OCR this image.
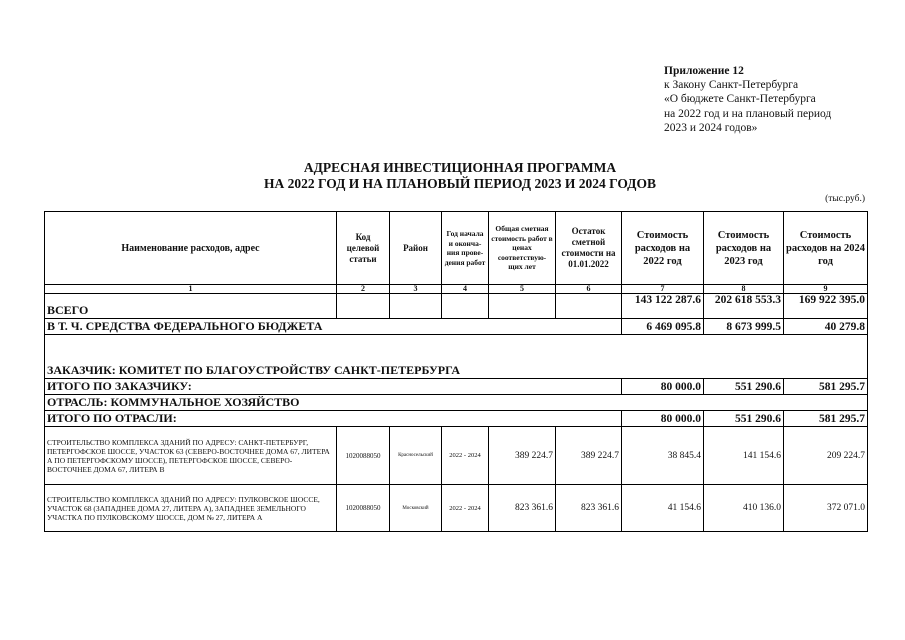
Приложение 12
к Закону Санкт-Петербурга
«О бюджете Санкт-Петербурга
на 2022 год и на плановый период
2023 и 2024 годов»
АДРЕСНАЯ ИНВЕСТИЦИОННАЯ ПРОГРАММА
НА 2022 ГОД И НА ПЛАНОВЫЙ ПЕРИОД 2023 И 2024 ГОДОВ
(тыс.руб.)
Наименование расходов, адрес	Код целевой статьи	Район	Год начала и оконча-ния прове-дения работ	Общая сметная стоимость работ в ценах соответствую-щих лет	Остаток сметной стоимости на 01.01.2022	Стоимость расходов на 2022 год	Стоимость расходов на 2023 год	Стоимость расходов на 2024 год
1	2	3	4	5	6	7	8	9
ВСЕГО						143 122 287.6	202 618 553.3	169 922 395.0
В Т. Ч. СРЕДСТВА ФЕДЕРАЛЬНОГО БЮДЖЕТА						6 469 095.8	8 673 999.5	40 279.8
ЗАКАЗЧИК: КОМИТЕТ ПО БЛАГОУСТРОЙСТВУ САНКТ-ПЕТЕРБУРГА								
ИТОГО ПО ЗАКАЗЧИКУ:						80 000.0	551 290.6	581 295.7
ОТРАСЛЬ: КОММУНАЛЬНОЕ ХОЗЯЙСТВО								
ИТОГО ПО ОТРАСЛИ:						80 000.0	551 290.6	581 295.7
СТРОИТЕЛЬСТВО КОМПЛЕКСА ЗДАНИЙ ПО АДРЕСУ: САНКТ-ПЕТЕРБУРГ, ПЕТЕРГОФСКОЕ ШОССЕ, УЧАСТОК 63 (СЕВЕРО-ВОСТОЧНЕЕ ДОМА 67, ЛИТЕРА А ПО ПЕТЕРГОФСКОМУ ШОССЕ), ПЕТЕРГОФСКОЕ ШОССЕ, СЕВЕРО-ВОСТОЧНЕЕ ДОМА 67, ЛИТЕРА В	1020088050	Красносельский	2022 - 2024	389 224.7	389 224.7	38 845.4	141 154.6	209 224.7
СТРОИТЕЛЬСТВО КОМПЛЕКСА ЗДАНИЙ ПО АДРЕСУ: ПУЛКОВСКОЕ ШОССЕ, УЧАСТОК 68 (ЗАПАДНЕЕ ДОМА 27, ЛИТЕРА А), ЗАПАДНЕЕ ЗЕМЕЛЬНОГО УЧАСТКА ПО ПУЛКОВСКОМУ ШОССЕ, ДОМ № 27, ЛИТЕРА А	1020088050	Московский	2022 - 2024	823 361.6	823 361.6	41 154.6	410 136.0	372 071.0
